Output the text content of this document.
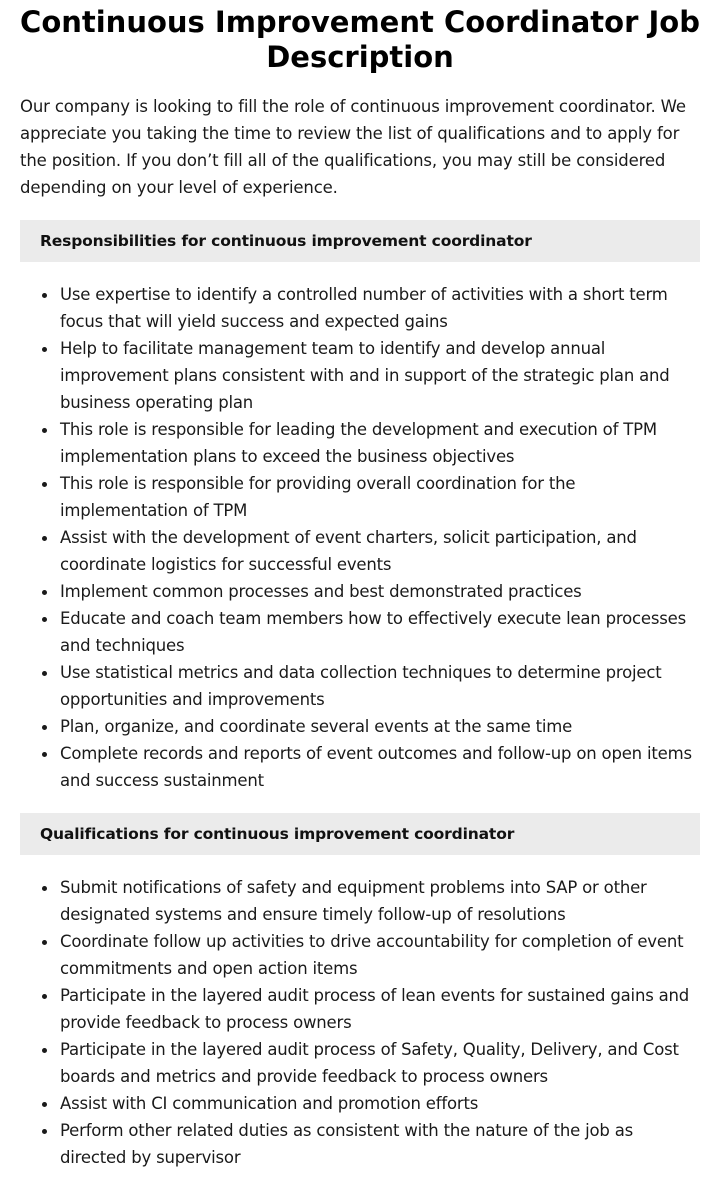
Continuous Improvement Coordinator Job Description

Our company is looking to fill the role of continuous improvement coordinator. We appreciate you taking the time to review the list of qualifications and to apply for the position. If you don’t fill all of the qualifications, you may still be considered depending on your level of experience.

Responsibilities for continuous improvement coordinator
Use expertise to identify a controlled number of activities with a short term focus that will yield success and expected gains
Help to facilitate management team to identify and develop annual improvement plans consistent with and in support of the strategic plan and business operating plan
This role is responsible for leading the development and execution of TPM implementation plans to exceed the business objectives
This role is responsible for providing overall coordination for the implementation of TPM
Assist with the development of event charters, solicit participation, and coordinate logistics for successful events
Implement common processes and best demonstrated practices
Educate and coach team members how to effectively execute lean processes and techniques
Use statistical metrics and data collection techniques to determine project opportunities and improvements
Plan, organize, and coordinate several events at the same time
Complete records and reports of event outcomes and follow-up on open items and success sustainment
Qualifications for continuous improvement coordinator
Submit notifications of safety and equipment problems into SAP or other designated systems and ensure timely follow-up of resolutions
Coordinate follow up activities to drive accountability for completion of event commitments and open action items
Participate in the layered audit process of lean events for sustained gains and provide feedback to process owners
Participate in the layered audit process of Safety, Quality, Delivery, and Cost boards and metrics and provide feedback to process owners
Assist with CI communication and promotion efforts
Perform other related duties as consistent with the nature of the job as directed by supervisor
